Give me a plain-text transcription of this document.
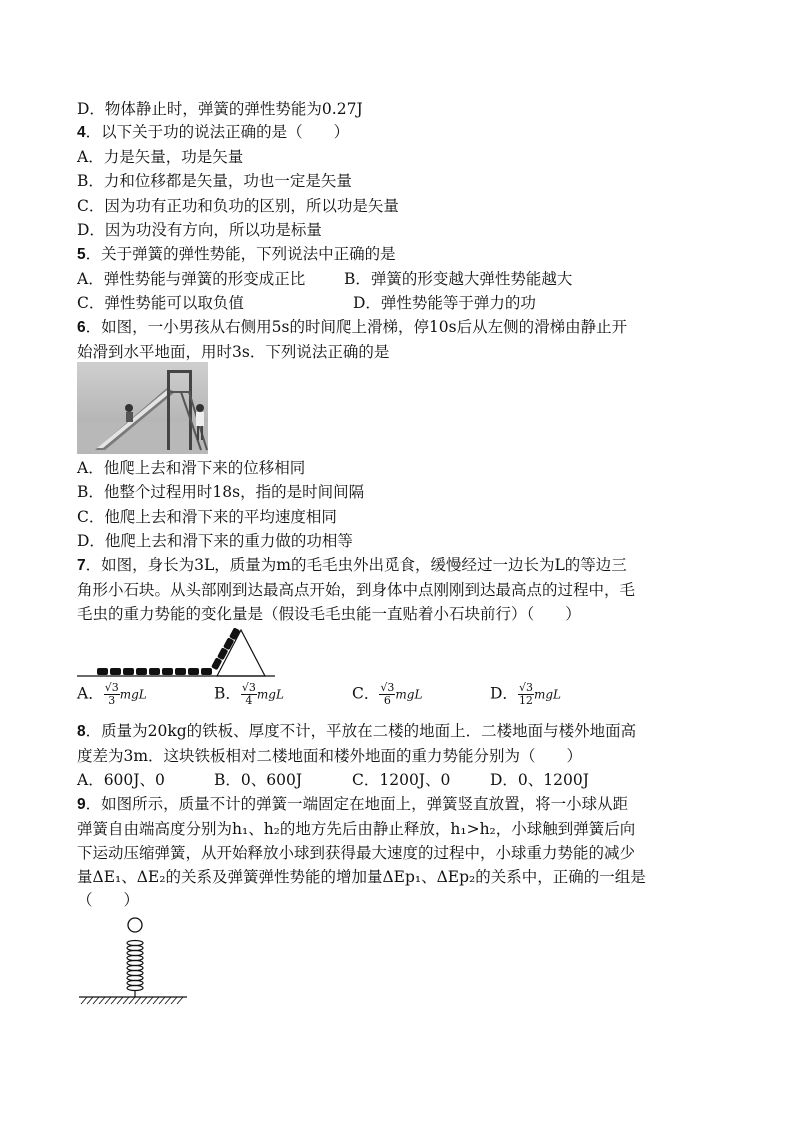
D．物体静止时，弹簧的弹性势能为0.27J
4．以下关于功的说法正确的是（　　）
A．力是矢量，功是矢量
B．力和位移都是矢量，功也一定是矢量
C．因为功有正功和负功的区别，所以功是矢量
D．因为功没有方向，所以功是标量
5．关于弹簧的弹性势能，下列说法中正确的是
A．弹性势能与弹簧的形变成正比	B．弹簧的形变越大弹性势能越大
C．弹性势能可以取负值	D．弹性势能等于弹力的功
6．如图，一小男孩从右侧用5s的时间爬上滑梯，停10s后从左侧的滑梯由静止开
始滑到水平地面，用时3s．下列说法正确的是
A．他爬上去和滑下来的位移相同
B．他整个过程用时18s，指的是时间间隔
C．他爬上去和滑下来的平均速度相同
D．他爬上去和滑下来的重力做的功相等
7．如图，身长为3L，质量为m的毛毛虫外出觅食，缓慢经过一边长为L的等边三
角形小石块。从头部刚到达最高点开始，到身体中点刚刚到达最高点的过程中，毛
毛虫的重力势能的变化量是（假设毛毛虫能一直贴着小石块前行）（　　）
A． $\frac{√3}{3}$ mgL	B． $\frac{√3}{4}$ mgL	C． $\frac{√3}{6}$ mgL	D． $\frac{√3}{12}$ mgL
8．质量为20kg的铁板、厚度不计，平放在二楼的地面上．二楼地面与楼外地面高
度差为3m．这块铁板相对二楼地面和楼外地面的重力势能分别为（　　）
A．600J、0	B．0、600J	C．1200J、0	D．0、1200J
9．如图所示，质量不计的弹簧一端固定在地面上，弹簧竖直放置，将一小球从距
弹簧自由端高度分别为h₁、h₂的地方先后由静止释放，h₁>h₂，小球触到弹簧后向
下运动压缩弹簧，从开始释放小球到获得最大速度的过程中，小球重力势能的减少
量ΔE₁、ΔE₂的关系及弹簧弹性势能的增加量ΔEp₁、ΔEp₂的关系中，正确的一组是
（　　）
